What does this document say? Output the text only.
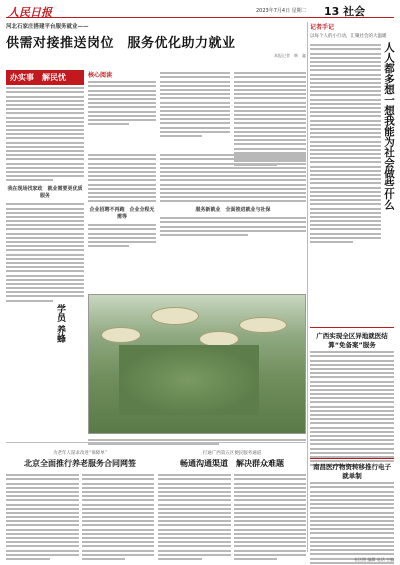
人民日报	2023年7月4日 星期二 13 社会
河北石家庄搭建平台服务就业——
供需对接推送岗位　服务优化助力就业
本报记者　韩　鑫
办实事　解民忧
我在现场找家政　就业需要更优质服务
核心阅读
企业招聘不再跑　企业全程无需等
服务新就业　全面推进就业与社保
学员 养蜂
为老年人谋求改进“保障单”
北京全面推行养老服务合同网签
打通广西第五区便民服务通道
畅通沟通渠道　解决群众难题
记者手记
以每个人的小行动，汇聚社会的大温暖
人人都多想一想我能为社会做些什么
广西实现全区异地就医结算“免备案”服务
南昌医疗物资转移推行电子就单制
社区照 编辑 电话 主编
